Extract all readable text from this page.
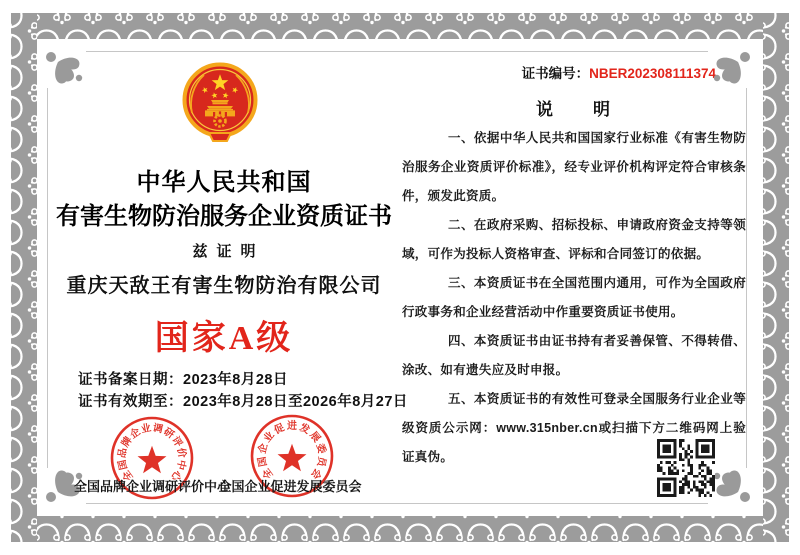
中华人民共和国
有害生物防治服务企业资质证书
兹证明
重庆天敌王有害生物防治有限公司
国家A级
证书备案日期：2023年8月28日
证书有效期至：2023年8月28日至2026年8月27日
全
国
品
牌
企
业 调
研
评
价
中
心	全
国
企
业
促 进 发
展
委
员
会
全国品牌企业调研评价中心
全国企业促进发展委员会
证书编号：NBER202308111374
说　　明

一、依据中华人民共和国国家行业标准《有害生物防治服务企业资质评价标准》，经专业评价机构评定符合审核条件，颁发此资质。

二、在政府采购、招标投标、申请政府资金支持等领域，可作为投标人资格审查、评标和合同签订的依据。

三、本资质证书在全国范围内通用，可作为全国政府行政事务和企业经营活动中作重要资质证书使用。

四、本资质证书由证书持有者妥善保管、不得转借、涂改、如有遗失应及时申报。

五、本资质证书的有效性可登录全国服务行业企业等级资质公示网：www.315nber.cn或扫描下方二维码网上验证真伪。
